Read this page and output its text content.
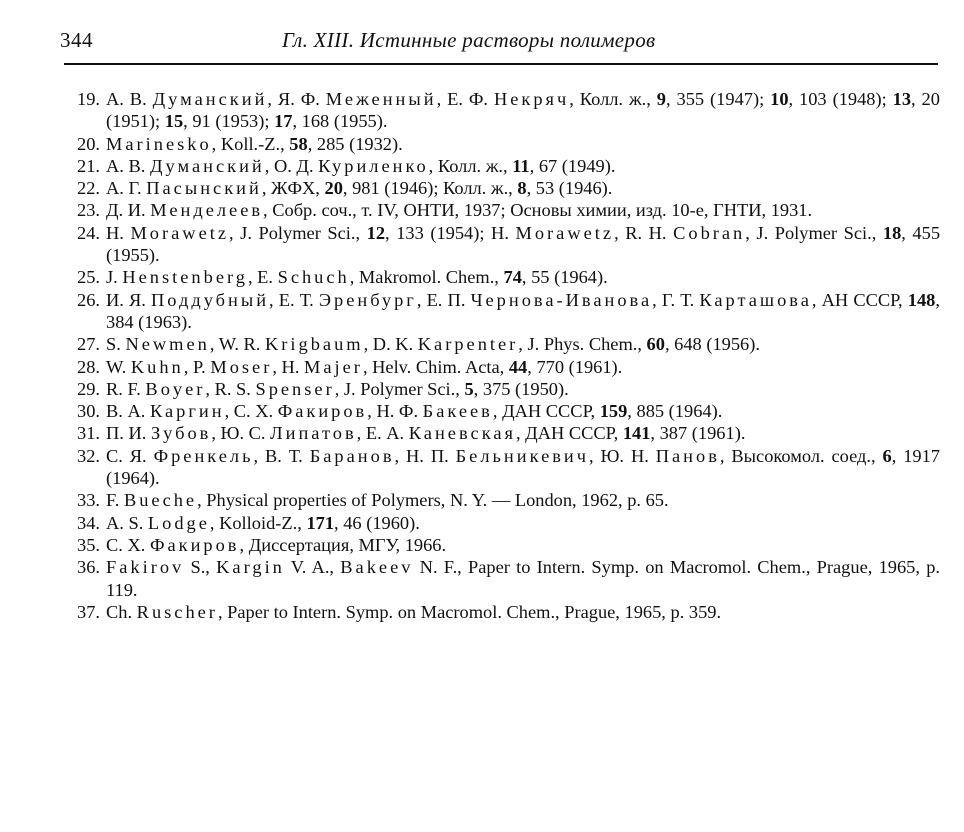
344	Гл. XIII. Истинные растворы полимеров
19. А. В. Думанский, Я. Ф. Меженный, Е. Ф. Некряч, Колл. ж., 9, 355 (1947); 10, 103 (1948); 13, 20 (1951); 15, 91 (1953); 17, 168 (1955).
20. Marinesko, Koll.-Z., 58, 285 (1932).
21. А. В. Думанский, О. Д. Куриленко, Колл. ж., 11, 67 (1949).
22. А. Г. Пасынский, ЖФХ, 20, 981 (1946); Колл. ж., 8, 53 (1946).
23. Д. И. Менделеев, Собр. соч., т. IV, ОНТИ, 1937; Основы химии, изд. 10-е, ГНТИ, 1931.
24. H. Morawetz, J. Polymer Sci., 12, 133 (1954); H. Morawetz, R. H. Cobran, J. Polymer Sci., 18, 455 (1955).
25. J. Henstenberg, E. Schuch, Makromol. Chem., 74, 55 (1964).
26. И. Я. Поддубный, Е. Т. Эренбург, Е. П. Чернова-Иванова, Г. Т. Карташова, АН СССР, 148, 384 (1963).
27. S. Newmen, W. R. Krigbaum, D. K. Karpenter, J. Phys. Chem., 60, 648 (1956).
28. W. Kuhn, P. Moser, H. Majer, Helv. Chim. Acta, 44, 770 (1961).
29. R. F. Boyer, R. S. Spenser, J. Polymer Sci., 5, 375 (1950).
30. В. А. Каргин, С. Х. Факиров, Н. Ф. Бакеев, ДАН СССР, 159, 885 (1964).
31. П. И. Зубов, Ю. С. Липатов, Е. А. Каневская, ДАН СССР, 141, 387 (1961).
32. С. Я. Френкель, В. Т. Баранов, Н. П. Бельникевич, Ю. Н. Панов, Высокомол. соед., 6, 1917 (1964).
33. F. Bueche, Physical properties of Polymers, N. Y. — London, 1962, p. 65.
34. A. S. Lodge, Kolloid-Z., 171, 46 (1960).
35. С. Х. Факиров, Диссертация, МГУ, 1966.
36. Fakirov S., Kargin V. A., Bakeev N. F., Paper to Intern. Symp. on Macromol. Chem., Prague, 1965, p. 119.
37. Ch. Ruscher, Paper to Intern. Symp. on Macromol. Chem., Prague, 1965, p. 359.
